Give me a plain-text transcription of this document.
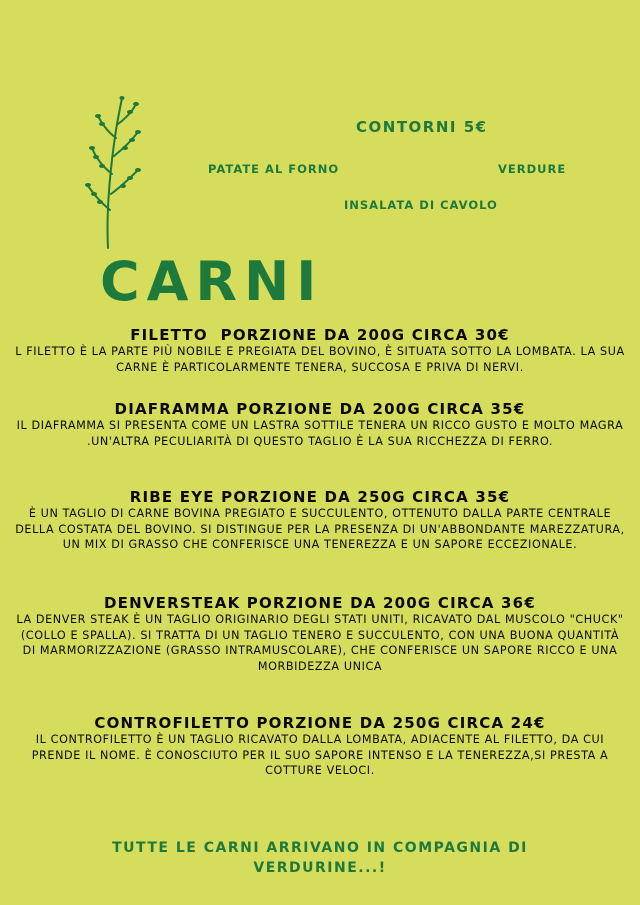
CONTORNI 5€
PATATE AL FORNO	VERDURE
INSALATA DI CAVOLO
CARNI
FILETTO  PORZIONE DA 200G CIRCA 30€
L FILETTO È LA PARTE PIÙ NOBILE E PREGIATA DEL BOVINO, È SITUATA SOTTO LA LOMBATA. LA SUA CARNE È PARTICOLARMENTE TENERA, SUCCOSA E PRIVA DI NERVI.
DIAFRAMMA PORZIONE DA 200G CIRCA 35€
IL DIAFRAMMA SI PRESENTA COME UN LASTRA SOTTILE TENERA UN RICCO GUSTO E MOLTO MAGRA .UN'ALTRA PECULIARITÀ DI QUESTO TAGLIO È LA SUA RICCHEZZA DI FERRO.
RIBE EYE PORZIONE DA 250G CIRCA 35€
È UN TAGLIO DI CARNE BOVINA PREGIATO E SUCCULENTO, OTTENUTO DALLA PARTE CENTRALE DELLA COSTATA DEL BOVINO. SI DISTINGUE PER LA PRESENZA DI UN'ABBONDANTE MAREZZATURA, UN MIX DI GRASSO CHE CONFERISCE UNA TENEREZZA E UN SAPORE ECCEZIONALE.
DENVERSTEAK PORZIONE DA 200G CIRCA 36€
LA DENVER STEAK È UN TAGLIO ORIGINARIO DEGLI STATI UNITI, RICAVATO DAL MUSCOLO "CHUCK" (COLLO E SPALLA). SI TRATTA DI UN TAGLIO TENERO E SUCCULENTO, CON UNA BUONA QUANTITÀ DI MARMORIZZAZIONE (GRASSO INTRAMUSCOLARE), CHE CONFERISCE UN SAPORE RICCO E UNA MORBIDEZZA UNICA
CONTROFILETTO PORZIONE DA 250G CIRCA 24€
IL CONTROFILETTO È UN TAGLIO RICAVATO DALLA LOMBATA, ADIACENTE AL FILETTO, DA CUI PRENDE IL NOME. È CONOSCIUTO PER IL SUO SAPORE INTENSO E LA TENEREZZA,SI PRESTA A COTTURE VELOCI.
TUTTE LE CARNI ARRIVANO IN COMPAGNIA DI VERDURINE...!
